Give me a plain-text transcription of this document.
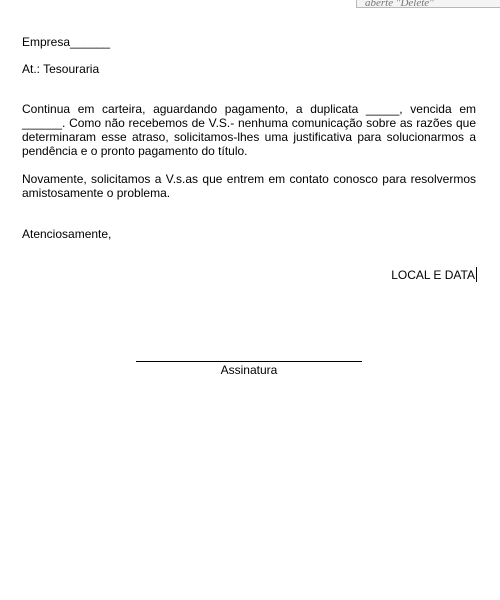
aberte "Delete"
Empresa______
At.: Tesouraria
Continua em carteira, aguardando pagamento, a duplicata _____, vencida em ______. Como não recebemos de V.S.- nenhuma comunicação sobre as razões que determinaram esse atraso, solicitamos-lhes uma justificativa para solucionarmos a pendência e o pronto pagamento do título.
Novamente, solicitamos a V.s.as que entrem em contato conosco para resolvermos amistosamente o problema.
Atenciosamente,
LOCAL E DATA
Assinatura
